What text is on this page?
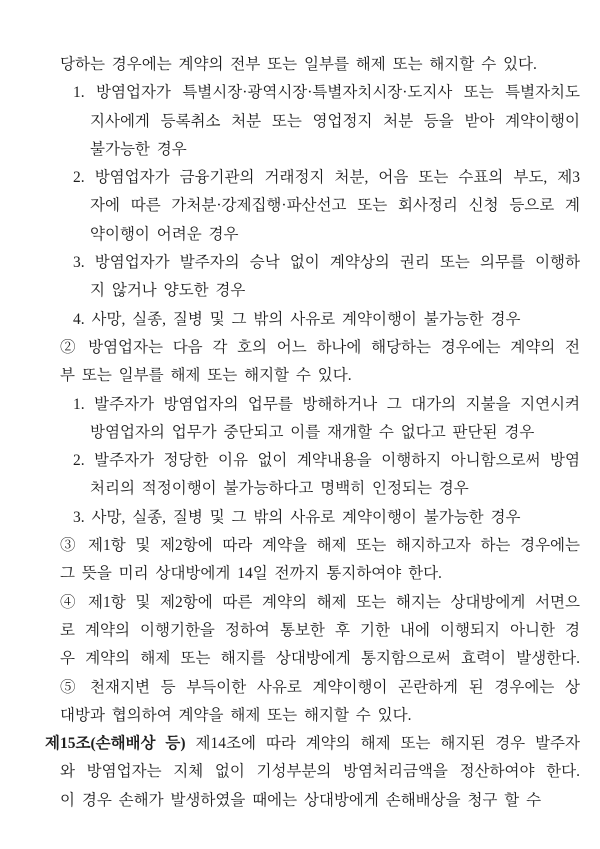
당하는 경우에는 계약의 전부 또는 일부를 해제 또는 해지할 수 있다.
1. 방염업자가 특별시장·광역시장·특별자치시장·도지사 또는 특별자치도
지사에게 등록취소 처분 또는 영업정지 처분 등을 받아 계약이행이
불가능한 경우
2. 방염업자가 금융기관의 거래정지 처분, 어음 또는 수표의 부도, 제3
자에 따른 가처분·강제집행·파산선고 또는 회사정리 신청 등으로 계
약이행이 어려운 경우
3. 방염업자가 발주자의 승낙 없이 계약상의 권리 또는 의무를 이행하
지 않거나 양도한 경우
4. 사망, 실종, 질병 및 그 밖의 사유로 계약이행이 불가능한 경우
② 방염업자는 다음 각 호의 어느 하나에 해당하는 경우에는 계약의 전
부 또는 일부를 해제 또는 해지할 수 있다.
1. 발주자가 방염업자의 업무를 방해하거나 그 대가의 지불을 지연시켜
방염업자의 업무가 중단되고 이를 재개할 수 없다고 판단된 경우
2. 발주자가 정당한 이유 없이 계약내용을 이행하지 아니함으로써 방염
처리의 적정이행이 불가능하다고 명백히 인정되는 경우
3. 사망, 실종, 질병 및 그 밖의 사유로 계약이행이 불가능한 경우
③ 제1항 및 제2항에 따라 계약을 해제 또는 해지하고자 하는 경우에는
그 뜻을 미리 상대방에게 14일 전까지 통지하여야 한다.
④ 제1항 및 제2항에 따른 계약의 해제 또는 해지는 상대방에게 서면으
로 계약의 이행기한을 정하여 통보한 후 기한 내에 이행되지 아니한 경
우 계약의 해제 또는 해지를 상대방에게 통지함으로써 효력이 발생한다.
⑤ 천재지변 등 부득이한 사유로 계약이행이 곤란하게 된 경우에는 상
대방과 협의하여 계약을 해제 또는 해지할 수 있다.
제15조(손해배상 등) 제14조에 따라 계약의 해제 또는 해지된 경우 발주자
와 방염업자는 지체 없이 기성부분의 방염처리금액을 정산하여야 한다.
이 경우 손해가 발생하였을 때에는 상대방에게 손해배상을 청구 할 수
